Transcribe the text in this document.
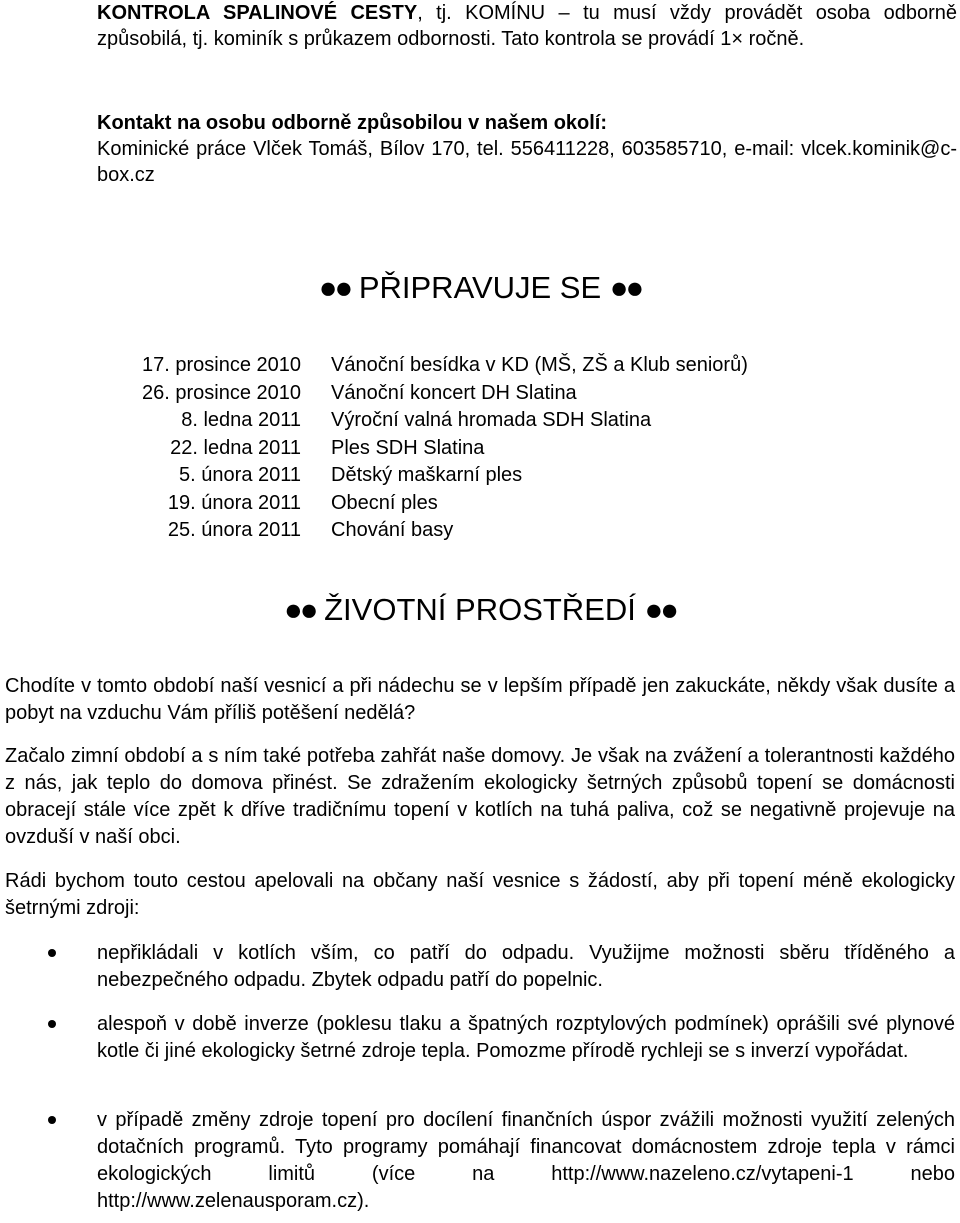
KONTROLA SPALINOVÉ CESTY, tj. KOMÍNU – tu musí vždy provádět osoba odborně způsobilá, tj. kominík s průkazem odbornosti. Tato kontrola se provádí 1× ročně.
Kontakt na osobu odborně způsobilou v našem okolí:
Kominické práce Vlček Tomáš, Bílov 170, tel. 556411228, 603585710, e-mail: vlcek.kominik@c-box.cz
●● PŘIPRAVUJE SE ●●
17. prosince 2010 Vánoční besídka v KD (MŠ, ZŠ a Klub seniorů)
26. prosince 2010 Vánoční koncert DH Slatina
8. ledna 2011 Výroční valná hromada SDH Slatina
22. ledna 2011 Ples SDH Slatina
5. února 2011 Dětský maškarní ples
19. února 2011 Obecní ples
25. února 2011 Chování basy
●● ŽIVOTNÍ PROSTŘEDÍ ●●
Chodíte v tomto období naší vesnicí a při nádechu se v lepším případě jen zakuckáte, někdy však dusíte a pobyt na vzduchu Vám příliš potěšení nedělá?
Začalo zimní období a s ním také potřeba zahřát naše domovy. Je však na zvážení a tolerantnosti každého z nás, jak teplo do domova přinést. Se zdražením ekologicky šetrných způsobů topení se domácnosti obracejí stále více zpět k dříve tradičnímu topení v kotlích na tuhá paliva, což se negativně projevuje na ovzduší v naší obci.
Rádi bychom touto cestou apelovali na občany naší vesnice s žádostí, aby při topení méně ekologicky šetrnými zdroji:
nepřikládali v kotlích vším, co patří do odpadu. Využijme možnosti sběru tříděného a nebezpečného odpadu. Zbytek odpadu patří do popelnic.
alespoň v době inverze (poklesu tlaku a špatných rozptylových podmínek) oprášili své plynové kotle či jiné ekologicky šetrné zdroje tepla. Pomozme přírodě rychleji se s inverzí vypořádat.
v případě změny zdroje topení pro docílení finančních úspor zvážili možnosti využití zelených dotačních programů. Tyto programy pomáhají financovat domácnostem zdroje tepla v rámci ekologických limitů (více na http://www.nazeleno.cz/vytapeni-1 nebo http://www.zelenausporam.cz).
